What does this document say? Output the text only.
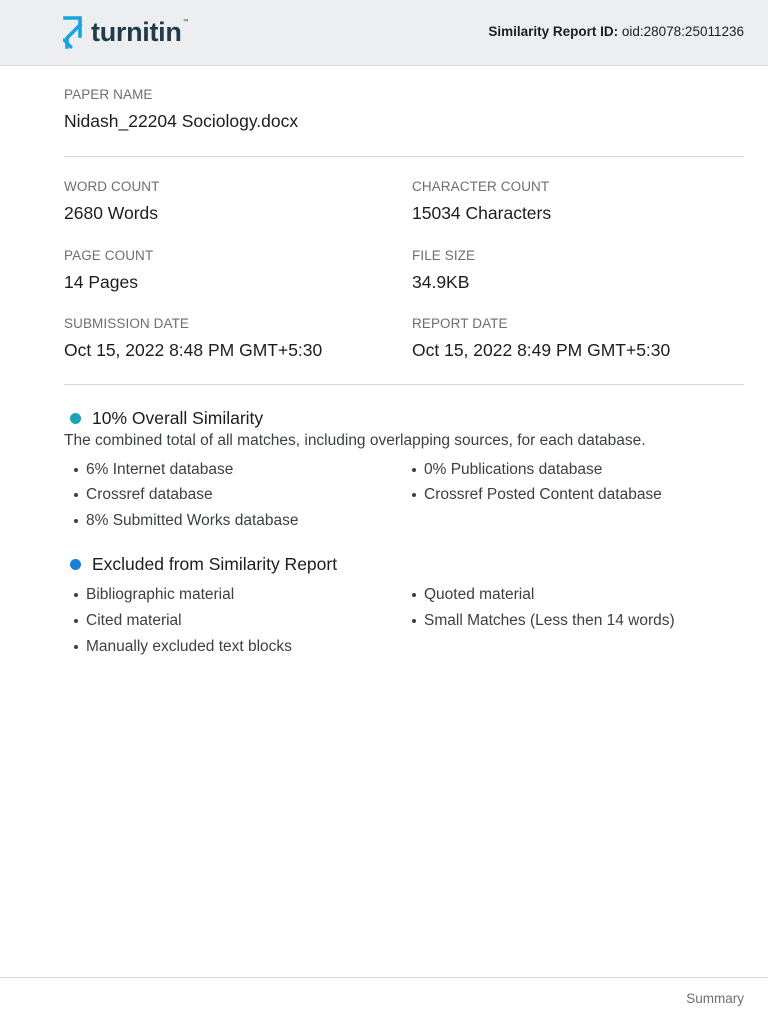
turnitin ™
Similarity Report ID: oid:28078:25011236
PAPER NAME
Nidash_22204 Sociology.docx
WORD COUNT
2680 Words
CHARACTER COUNT
15034 Characters
PAGE COUNT
14 Pages
FILE SIZE
34.9KB
SUBMISSION DATE
Oct 15, 2022 8:48 PM GMT+5:30
REPORT DATE
Oct 15, 2022 8:49 PM GMT+5:30
10% Overall Similarity
The combined total of all matches, including overlapping sources, for each database.
6% Internet database	0% Publications database
Crossref database	Crossref Posted Content database
8% Submitted Works database
Excluded from Similarity Report
Bibliographic material	Quoted material
Cited material	Small Matches (Less then 14 words)
Manually excluded text blocks
Summary
